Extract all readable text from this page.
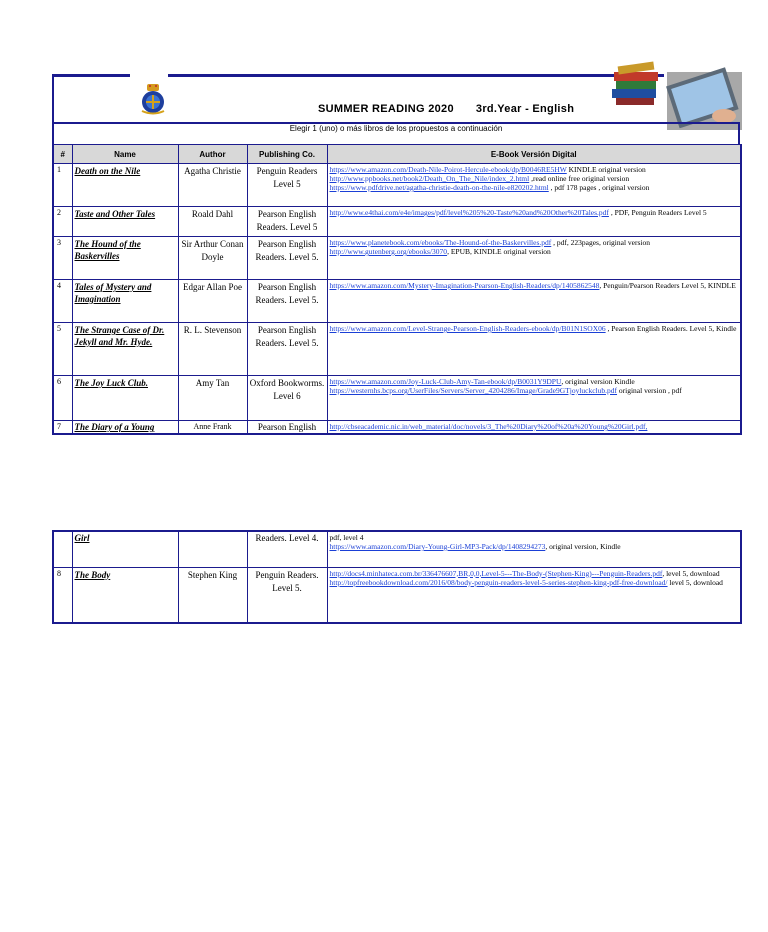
SUMMER READING 2020 3rd.Year - English
Elegir 1 (uno) o más libros de los propuestos a continuación
#	Name	Author	Publishing Co.	E-Book Versión Digital
1	Death on the Nile	Agatha Christie	Penguin Readers Level 5	https://www.amazon.com/Death-Nile-Poirot-Hercule-ebook/dp/B0046RE5HW KINDLE original version
http://www.ppbooks.net/book2/Death_On_The_Nile/index_2.html ,read online free original version
https://www.pdfdrive.net/agatha-christie-death-on-the-nile-e820202.html , pdf 178 pages , original version
2	Taste and Other Tales	Roald Dahl	Pearson English Readers. Level 5	http://www.e4thai.com/e4e/images/pdf/level%205%20-Taste%20and%20Other%20Tales.pdf , PDF, Penguin Readers Level 5
3	The Hound of the Baskervilles	Sir Arthur Conan Doyle	Pearson English Readers. Level 5.	https://www.planetebook.com/ebooks/The-Hound-of-the-Baskervilles.pdf , pdf, 223pages, original version
http://www.gutenberg.org/ebooks/3070, EPUB, KINDLE original version
4	Tales of Mystery and Imagination	Edgar Allan Poe	Pearson English Readers. Level 5.	https://www.amazon.com/Mystery-Imagination-Pearson-English-Readers/dp/1405862548, Penguin/Pearson Readers Level 5, KINDLE
5	The Strange Case of Dr. Jekyll and Mr. Hyde.	R. L. Stevenson	Pearson English Readers. Level 5.	https://www.amazon.com/Level-Strange-Pearson-English-Readers-ebook/dp/B01N1SOX06 , Pearson English Readers. Level 5, Kindle
6	The Joy Luck Club.	Amy Tan	Oxford Bookworms. Level 6	https://www.amazon.com/Joy-Luck-Club-Amy-Tan-ebook/dp/B0031Y9DPU, original version Kindle
https://westernhs.bcps.org/UserFiles/Servers/Server_4204286/Image/Grade9GTjoyluckclub.pdf original version , pdf
7	The Diary of a Young	Anne Frank	Pearson English	http://cbseacademic.nic.in/web_material/doc/novels/3_The%20Diary%20of%20a%20Young%20Girl.pdf,
	Girl		Readers. Level 4.	pdf, level 4
https://www.amazon.com/Diary-Young-Girl-MP3-Pack/dp/1408294273, original version, Kindle
8	The Body	Stephen King	Penguin Readers. Level 5.	http://docs4.minhateca.com.br/336476607,BR,0,0,Level-5---The-Body-(Stephen-King)---Penguin-Readers.pdf, level 5, download
http://topfreebookdownload.com/2016/08/body-penguin-readers-level-5-series-stephen-king-pdf-free-download/ level 5, download
